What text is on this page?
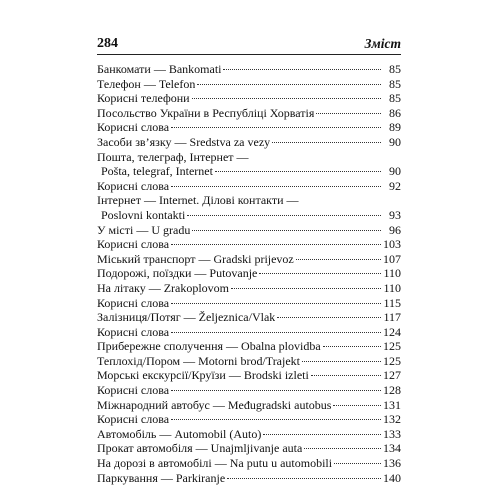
284	Зміст
Банкомати — Bankomati	85
Телефон — Telefon	85
Корисні телефони	85
Посольство України в Республіці Хорватія	86
Корисні слова	89
Засоби зв’язку — Sredstva za vezy	90
Пошта, телеграф, Інтернет —
Pošta, telegraf, Internet	90
Корисні слова	92
Інтернет — Internet. Ділові контакти —
Poslovni kontakti	93
У місті — U gradu	96
Корисні слова	103
Міський транспорт — Gradski prijevoz	107
Подорожі, поїздки — Putovanje	110
На літаку — Zrakoplovom	110
Корисні слова	115
Залізниця/Потяг — Željeznica/Vlak	117
Корисні слова	124
Прибережне сполучення — Obalna plovidba	125
Теплохід/Пором — Motorni brod/Trajekt	125
Морські екскурсії/Круїзи — Brodski izleti	127
Корисні слова	128
Міжнародний автобус — Međugradski autobus	131
Корисні слова	132
Автомобіль — Automobil (Auto)	133
Прокат автомобіля — Unajmljivanje auta	134
На дорозі в автомобілі — Na putu u automobili	136
Паркування — Parkiranje	140
